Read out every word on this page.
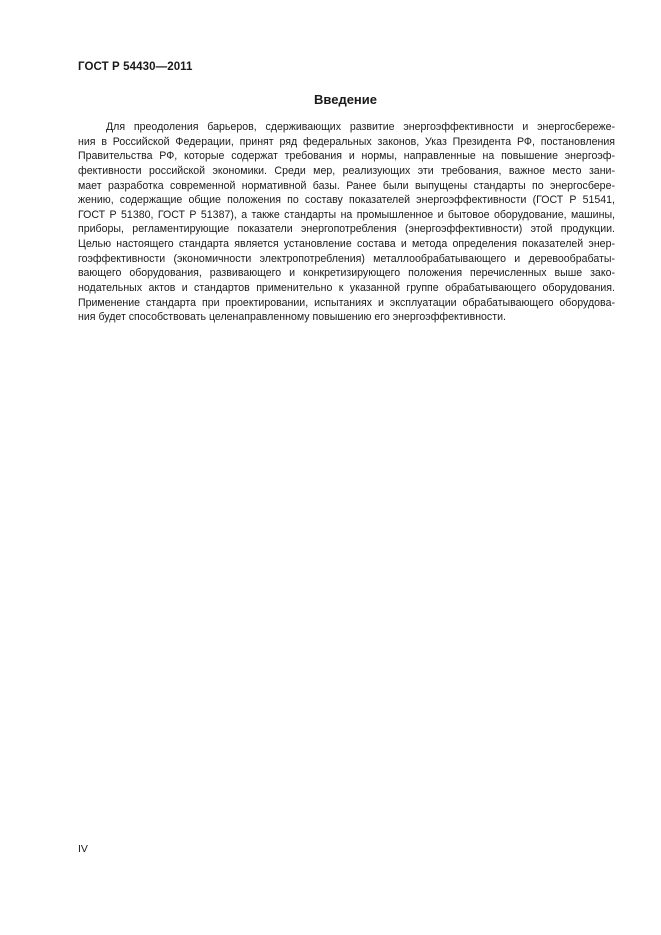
ГОСТ Р 54430—2011
Введение
Для преодоления барьеров, сдерживающих развитие энергоэффективности и энергосбереже-
ния в Российской Федерации, принят ряд федеральных законов, Указ Президента РФ, постановления
Правительства РФ, которые содержат требования и нормы, направленные на повышение энергоэф-
фективности российской экономики. Среди мер, реализующих эти требования, важное место зани-
мает разработка современной нормативной базы. Ранее были выпущены стандарты по энергосбере-
жению, содержащие общие положения по составу показателей энергоэффективности (ГОСТ Р 51541,
ГОСТ Р 51380, ГОСТ Р 51387), а также стандарты на промышленное и бытовое оборудование, машины,
приборы, регламентирующие показатели энергопотребления (энергоэффективности) этой продукции.
Целью настоящего стандарта является установление состава и метода определения показателей энер-
гоэффективности (экономичности электропотребления) металлообрабатывающего и деревообрабаты-
вающего оборудования, развивающего и конкретизирующего положения перечисленных выше зако-
нодательных актов и стандартов применительно к указанной группе обрабатывающего оборудования.
Применение стандарта при проектировании, испытаниях и эксплуатации обрабатывающего оборудова-
ния будет способствовать целенаправленному повышению его энергоэффективности.
IV
